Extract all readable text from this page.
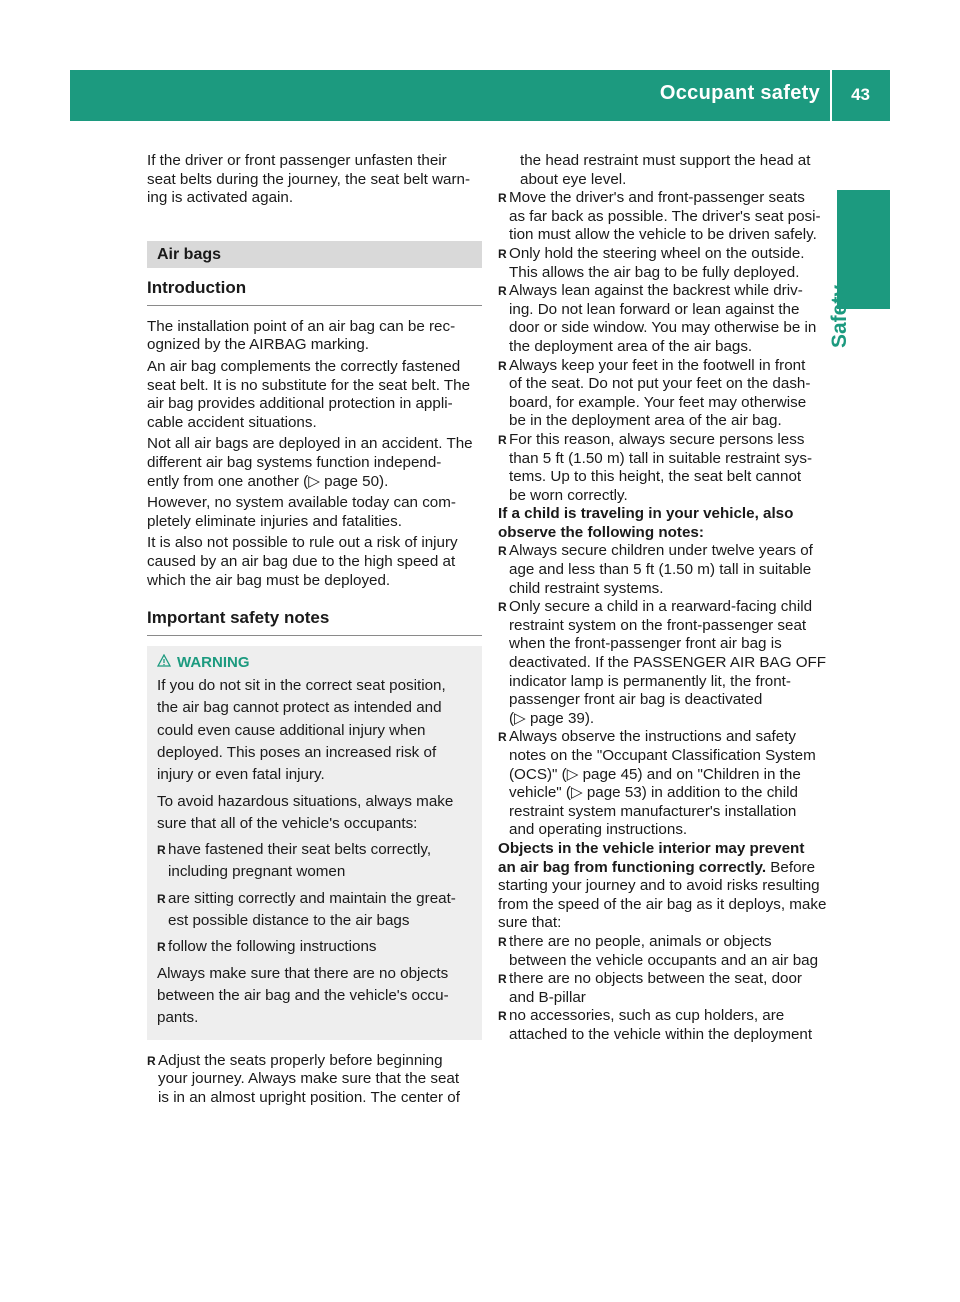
Occupant safety 43
Safety
If the driver or front passenger unfasten their
seat belts during the journey, the seat belt warn-
ing is activated again.
Air bags
Introduction
The installation point of an air bag can be rec-
ognized by the AIRBAG marking.
An air bag complements the correctly fastened
seat belt. It is no substitute for the seat belt. The
air bag provides additional protection in appli-
cable accident situations.
Not all air bags are deployed in an accident. The
different air bag systems function independ-
ently from one another (▷ page 50).
However, no system available today can com-
pletely eliminate injuries and fatalities.
It is also not possible to rule out a risk of injury
caused by an air bag due to the high speed at
which the air bag must be deployed.
Important safety notes
WARNING
If you do not sit in the correct seat position,
the air bag cannot protect as intended and
could even cause additional injury when
deployed. This poses an increased risk of
injury or even fatal injury.
To avoid hazardous situations, always make
sure that all of the vehicle's occupants:
R have fastened their seat belts correctly,
including pregnant women
R are sitting correctly and maintain the great-
est possible distance to the air bags
R follow the following instructions
Always make sure that there are no objects
between the air bag and the vehicle's occu-
pants.
R Adjust the seats properly before beginning
your journey. Always make sure that the seat
is in an almost upright position. The center of
the head restraint must support the head at
about eye level.
R Move the driver's and front-passenger seats
as far back as possible. The driver's seat posi-
tion must allow the vehicle to be driven safely.
R Only hold the steering wheel on the outside.
This allows the air bag to be fully deployed.
R Always lean against the backrest while driv-
ing. Do not lean forward or lean against the
door or side window. You may otherwise be in
the deployment area of the air bags.
R Always keep your feet in the footwell in front
of the seat. Do not put your feet on the dash-
board, for example. Your feet may otherwise
be in the deployment area of the air bag.
R For this reason, always secure persons less
than 5 ft (1.50 m) tall in suitable restraint sys-
tems. Up to this height, the seat belt cannot
be worn correctly.
If a child is traveling in your vehicle, also
observe the following notes:
R Always secure children under twelve years of
age and less than 5 ft (1.50 m) tall in suitable
child restraint systems.
R Only secure a child in a rearward-facing child
restraint system on the front-passenger seat
when the front-passenger front air bag is
deactivated. If the PASSENGER AIR BAG OFF
indicator lamp is permanently lit, the front-
passenger front air bag is deactivated
(▷ page 39).
R Always observe the instructions and safety
notes on the "Occupant Classification System
(OCS)" (▷ page 45) and on "Children in the
vehicle" (▷ page 53) in addition to the child
restraint system manufacturer's installation
and operating instructions.
Objects in the vehicle interior may prevent
an air bag from functioning correctly. Before
starting your journey and to avoid risks resulting
from the speed of the air bag as it deploys, make
sure that:
R there are no people, animals or objects
between the vehicle occupants and an air bag
R there are no objects between the seat, door
and B-pillar
R no accessories, such as cup holders, are
attached to the vehicle within the deployment
